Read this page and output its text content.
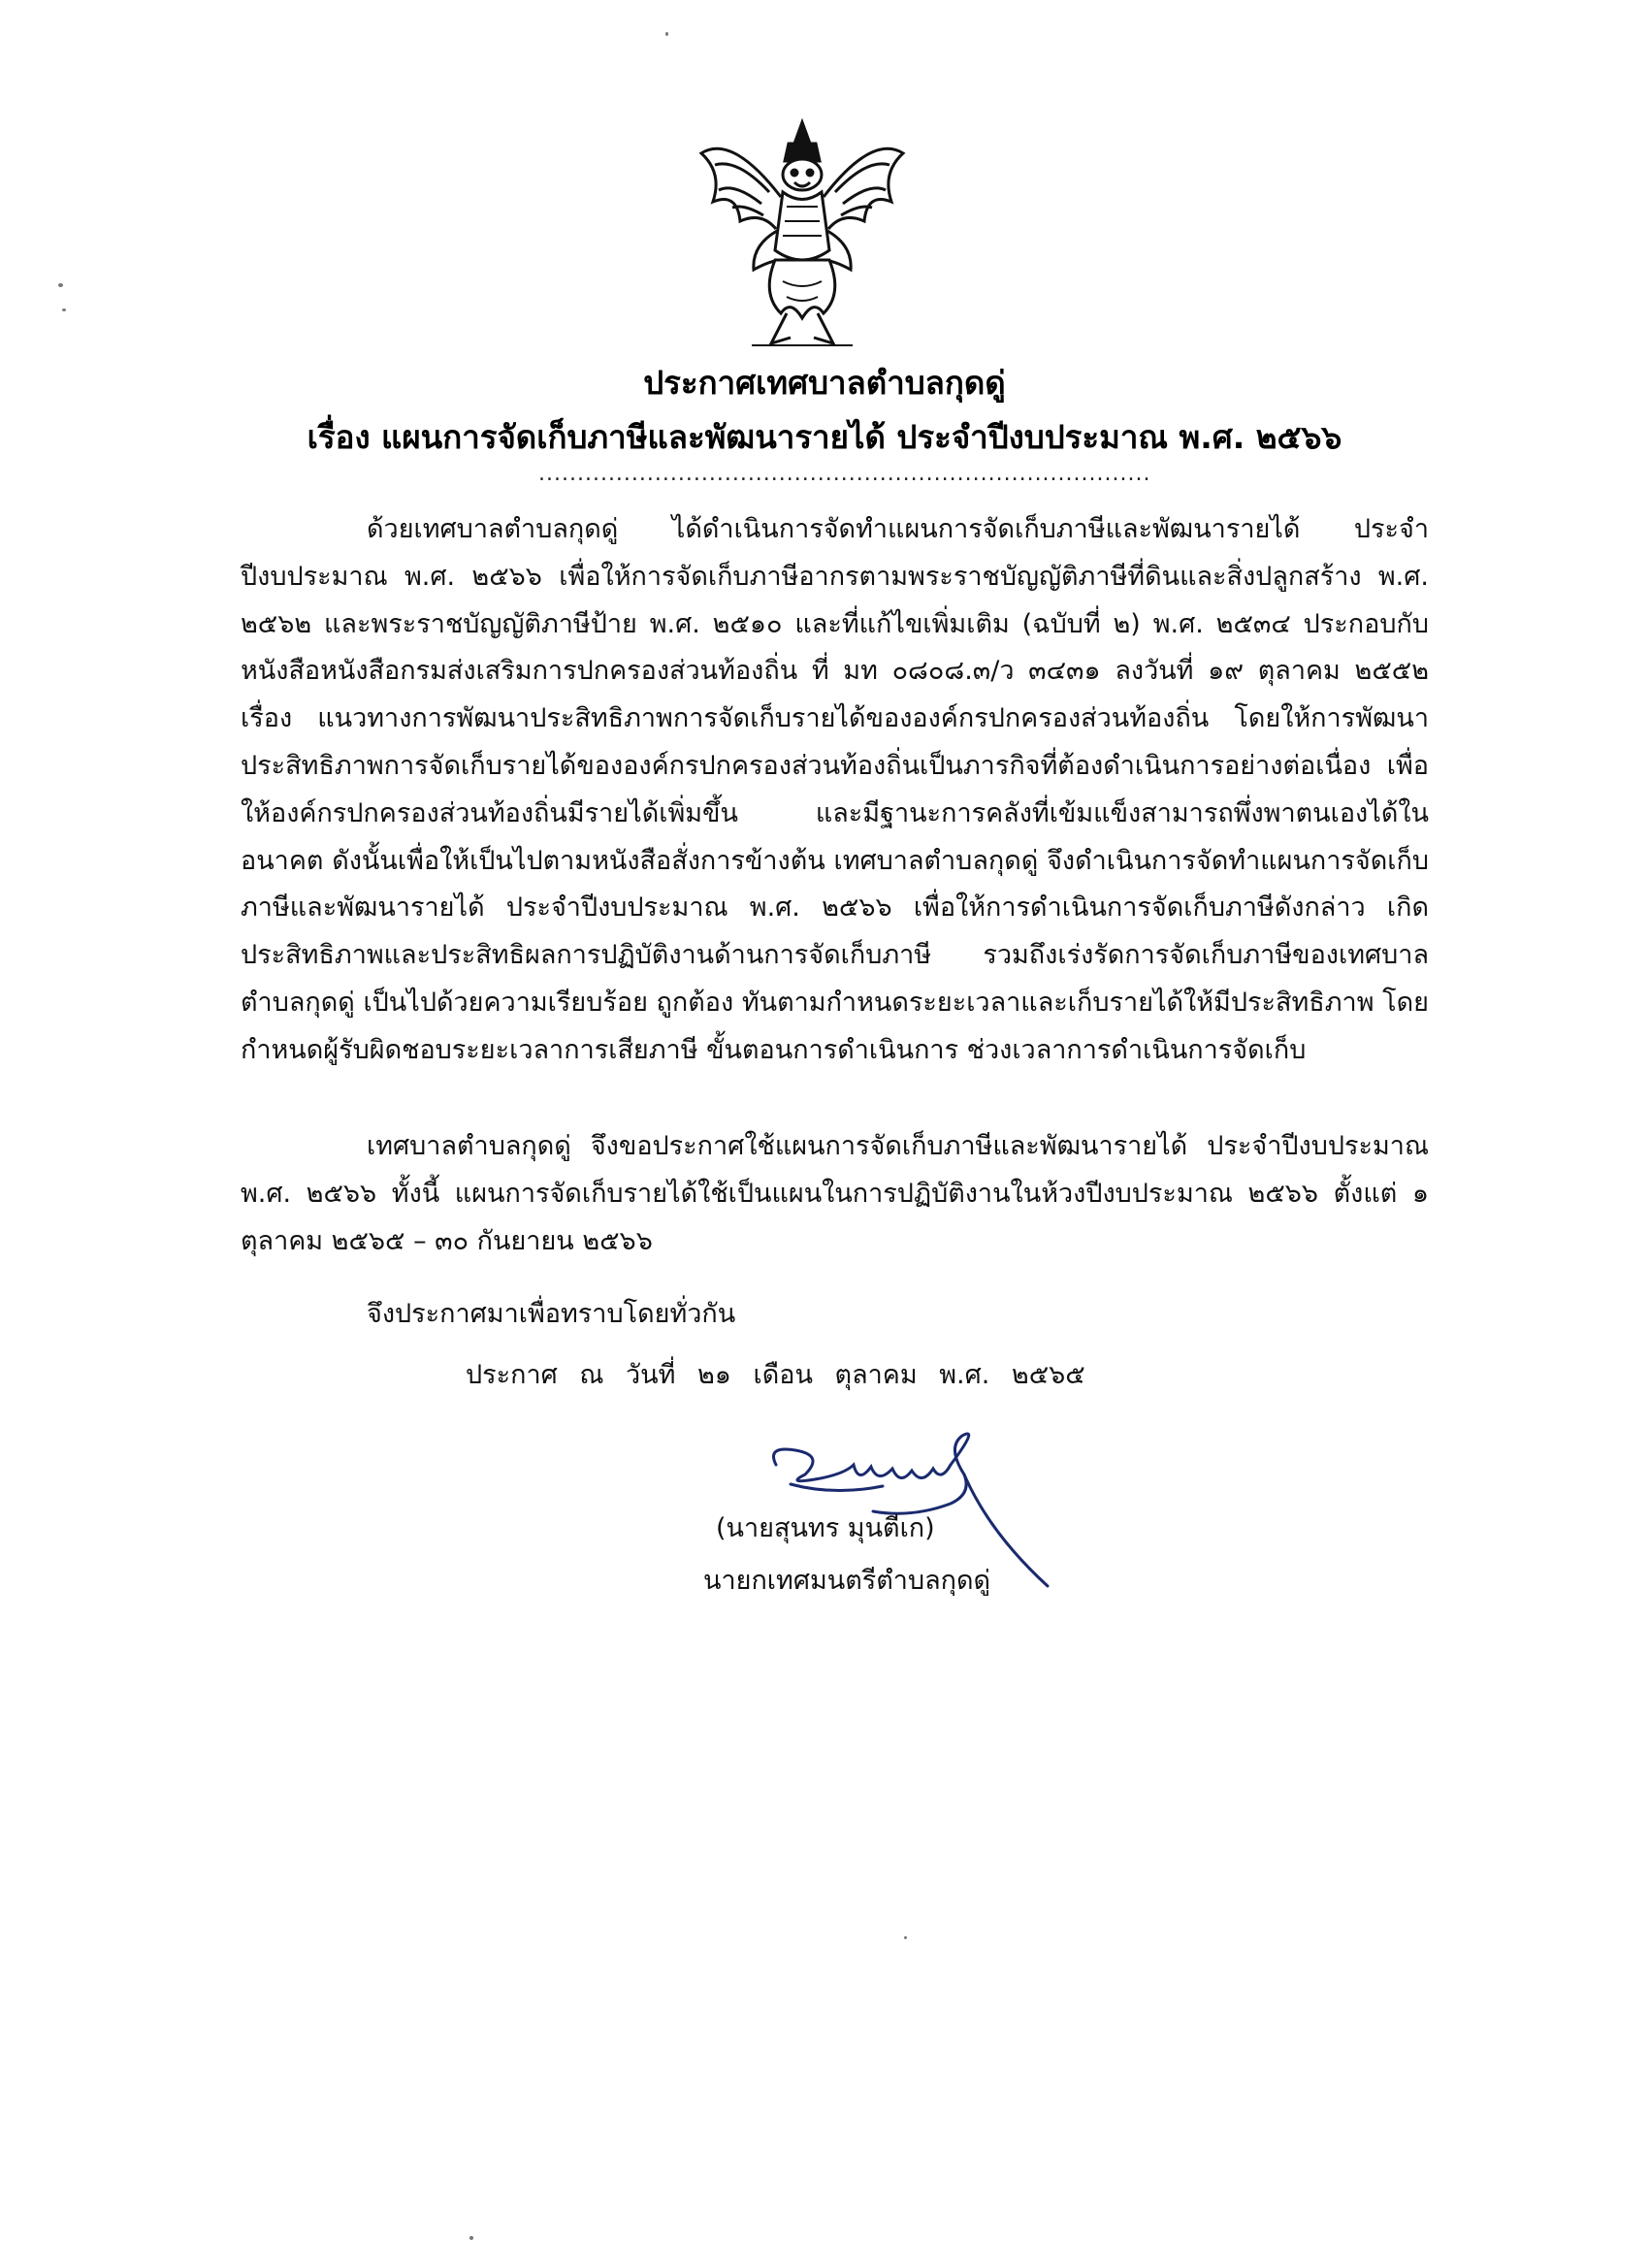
ประกาศเทศบาลตำบลกุดดู่
เรื่อง แผนการจัดเก็บภาษีและพัฒนารายได้ ประจำปีงบประมาณ พ.ศ. ๒๕๖๖
...............................................................................
ด้วยเทศบาลตำบลกุดดู่ ได้ดำเนินการจัดทำแผนการจัดเก็บภาษีและพัฒนารายได้ ประจำปีงบประมาณ พ.ศ. ๒๕๖๖ เพื่อให้การจัดเก็บภาษีอากรตามพระราชบัญญัติภาษีที่ดินและสิ่งปลูกสร้าง พ.ศ. ๒๕๖๒ และพระราชบัญญัติภาษีป้าย พ.ศ. ๒๕๑๐ และที่แก้ไขเพิ่มเติม (ฉบับที่ ๒) พ.ศ. ๒๕๓๔ ประกอบกับหนังสือหนังสือกรมส่งเสริมการปกครองส่วนท้องถิ่น ที่ มท ๐๘๐๘.๓/ว ๓๔๓๑ ลงวันที่ ๑๙ ตุลาคม ๒๕๕๒ เรื่อง แนวทางการพัฒนาประสิทธิภาพการจัดเก็บรายได้ขององค์กรปกครองส่วนท้องถิ่น โดยให้การพัฒนาประสิทธิภาพการจัดเก็บรายได้ขององค์กรปกครองส่วนท้องถิ่นเป็นภารกิจที่ต้องดำเนินการอย่างต่อเนื่อง เพื่อให้องค์กรปกครองส่วนท้องถิ่นมีรายได้เพิ่มขึ้น และมีฐานะการคลังที่เข้มแข็งสามารถพึ่งพาตนเองได้ในอนาคต ดังนั้นเพื่อให้เป็นไปตามหนังสือสั่งการข้างต้น เทศบาลตำบลกุดดู่ จึงดำเนินการจัดทำแผนการจัดเก็บภาษีและพัฒนารายได้ ประจำปีงบประมาณ พ.ศ. ๒๕๖๖ เพื่อให้การดำเนินการจัดเก็บภาษีดังกล่าว เกิดประสิทธิภาพและประสิทธิผลการปฏิบัติงานด้านการจัดเก็บภาษี รวมถึงเร่งรัดการจัดเก็บภาษีของเทศบาลตำบลกุดดู่ เป็นไปด้วยความเรียบร้อย ถูกต้อง ทันตามกำหนดระยะเวลาและเก็บรายได้ให้มีประสิทธิภาพ โดยกำหนดผู้รับผิดชอบระยะเวลาการเสียภาษี ขั้นตอนการดำเนินการ ช่วงเวลาการดำเนินการจัดเก็บ
เทศบาลตำบลกุดดู่ จึงขอประกาศใช้แผนการจัดเก็บภาษีและพัฒนารายได้ ประจำปีงบประมาณ พ.ศ. ๒๕๖๖ ทั้งนี้ แผนการจัดเก็บรายได้ใช้เป็นแผนในการปฏิบัติงานในห้วงปีงบประมาณ ๒๕๖๖ ตั้งแต่ ๑ ตุลาคม ๒๕๖๕ – ๓๐ กันยายน ๒๕๖๖
จึงประกาศมาเพื่อทราบโดยทั่วกัน
ประกาศ ณ วันที่ ๒๑ เดือน ตุลาคม พ.ศ. ๒๕๖๕
(นายสุนทร มุนตีเก)
นายกเทศมนตรีตำบลกุดดู่
